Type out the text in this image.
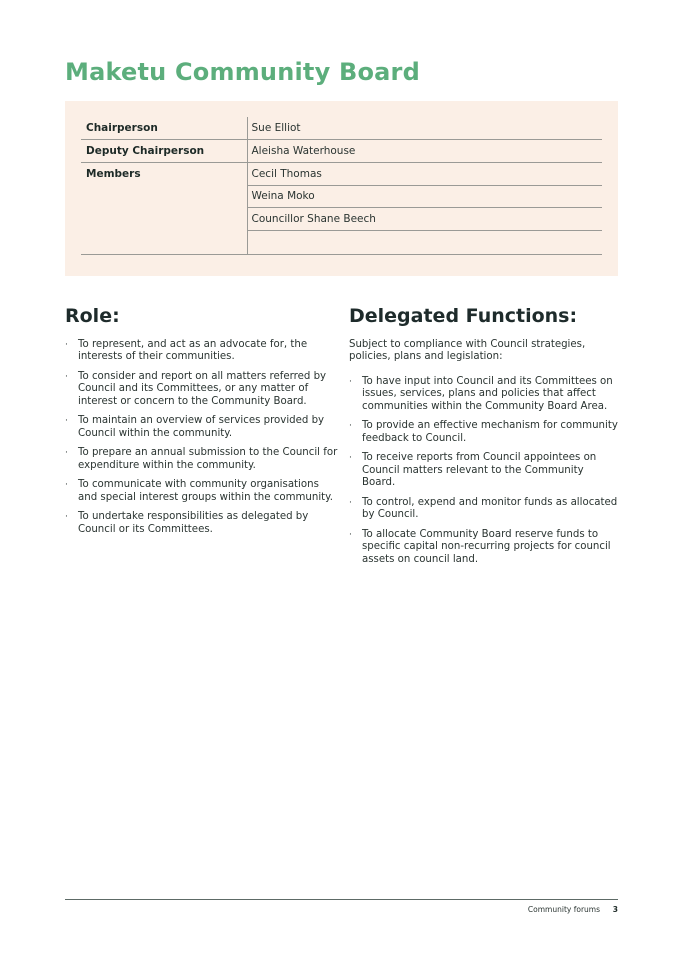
Maketu Community Board
Chairperson	Sue Elliot
Deputy Chairperson	Aleisha Waterhouse
Members	Cecil Thomas
	Weina Moko
	Councillor Shane Beech

Role:
· To represent, and act as an advocate for, the interests of their communities.
· To consider and report on all matters referred by Council and its Committees, or any matter of interest or concern to the Community Board.
· To maintain an overview of services provided by Council within the community.
· To prepare an annual submission to the Council for expenditure within the community.
· To communicate with community organisations and special interest groups within the community.
· To undertake responsibilities as delegated by Council or its Committees.
Delegated Functions:

Subject to compliance with Council strategies, policies, plans and legislation:

· To have input into Council and its Committees on issues, services, plans and policies that affect communities within the Community Board Area.
· To provide an effective mechanism for community feedback to Council.
· To receive reports from Council appointees on Council matters relevant to the Community Board.
· To control, expend and monitor funds as allocated by Council.
· To allocate Community Board reserve funds to specific capital non-recurring projects for council assets on council land.
Community forums 3
